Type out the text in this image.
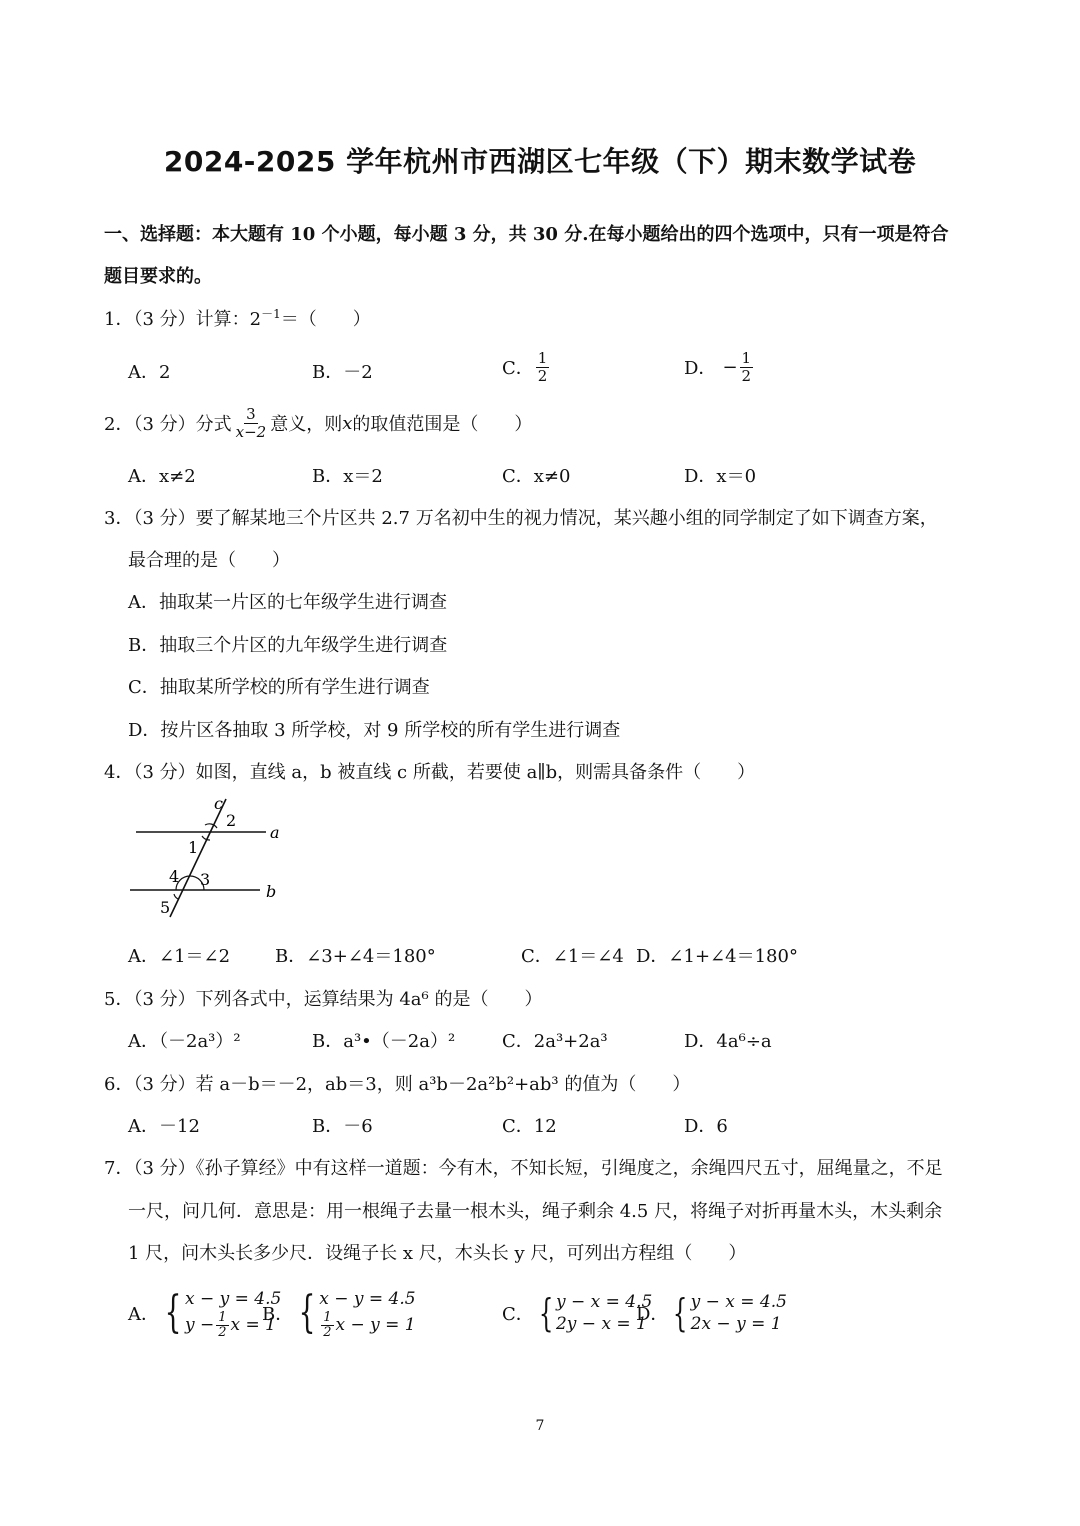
2024-2025 学年杭州市西湖区七年级（下）期末数学试卷
一、选择题：本大题有 10 个小题，每小题 3 分，共 30 分.在每小题给出的四个选项中，只有一项是符合
题目要求的。
1．（3 分）计算：$2^{-1}=$（　　）
A．2	B．－2	C． $\frac{1}{2}$	D． − $\frac{1}{2}$
2．（3 分）分式 $\frac{3}{x-2}$ 意义，则 x 的取值范围是（　　）
A．x≠2	B．x＝2	C．x≠0	D．x＝0
3．（3 分）要了解某地三个片区共 2.7 万名初中生的视力情况，某兴趣小组的同学制定了如下调查方案，
最合理的是（　　）
A．抽取某一片区的七年级学生进行调查
B．抽取三个片区的九年级学生进行调查
C．抽取某所学校的所有学生进行调查
D．按片区各抽取 3 所学校，对 9 所学校的所有学生进行调查
4．（3 分）如图，直线 a，b 被直线 c 所截，若要使 a∥b，则需具备条件（　　）
c
2
a
1
4 3
b
5
A．∠1＝∠2 B．∠3+∠4＝180°	C．∠1＝∠4 D．∠1+∠4＝180°
5．（3 分）下列各式中，运算结果为 4a⁶ 的是（　　）
A．（－2a³）²	B．a³•（－2a）²	C．2a³+2a³	D．4a⁶÷a
6．（3 分）若 a－b＝－2，ab＝3，则 a³b－2a²b²+ab³ 的值为（　　）
A．－12	B．－6	C．12	D．6
7．（3 分）《孙子算经》中有这样一道题：今有木，不知长短，引绳度之，余绳四尺五寸，屈绳量之，不足
一尺，问几何．意思是：用一根绳子去量一根木头，绳子剩余 4.5 尺，将绳子对折再量木头，木头剩余
1 尺，问木头长多少尺．设绳子长 x 尺，木头长 y 尺，可列出方程组（　　）
A． { x − y = 4.5
$y - \frac{1}{2}$ x = 1
B． { x − y = 4.5
$\frac{1}{2}$ x − y = 1	C． { y − x = 4.5
2y − x = 1
D． { y − x = 4.5
2x − y = 1
7
